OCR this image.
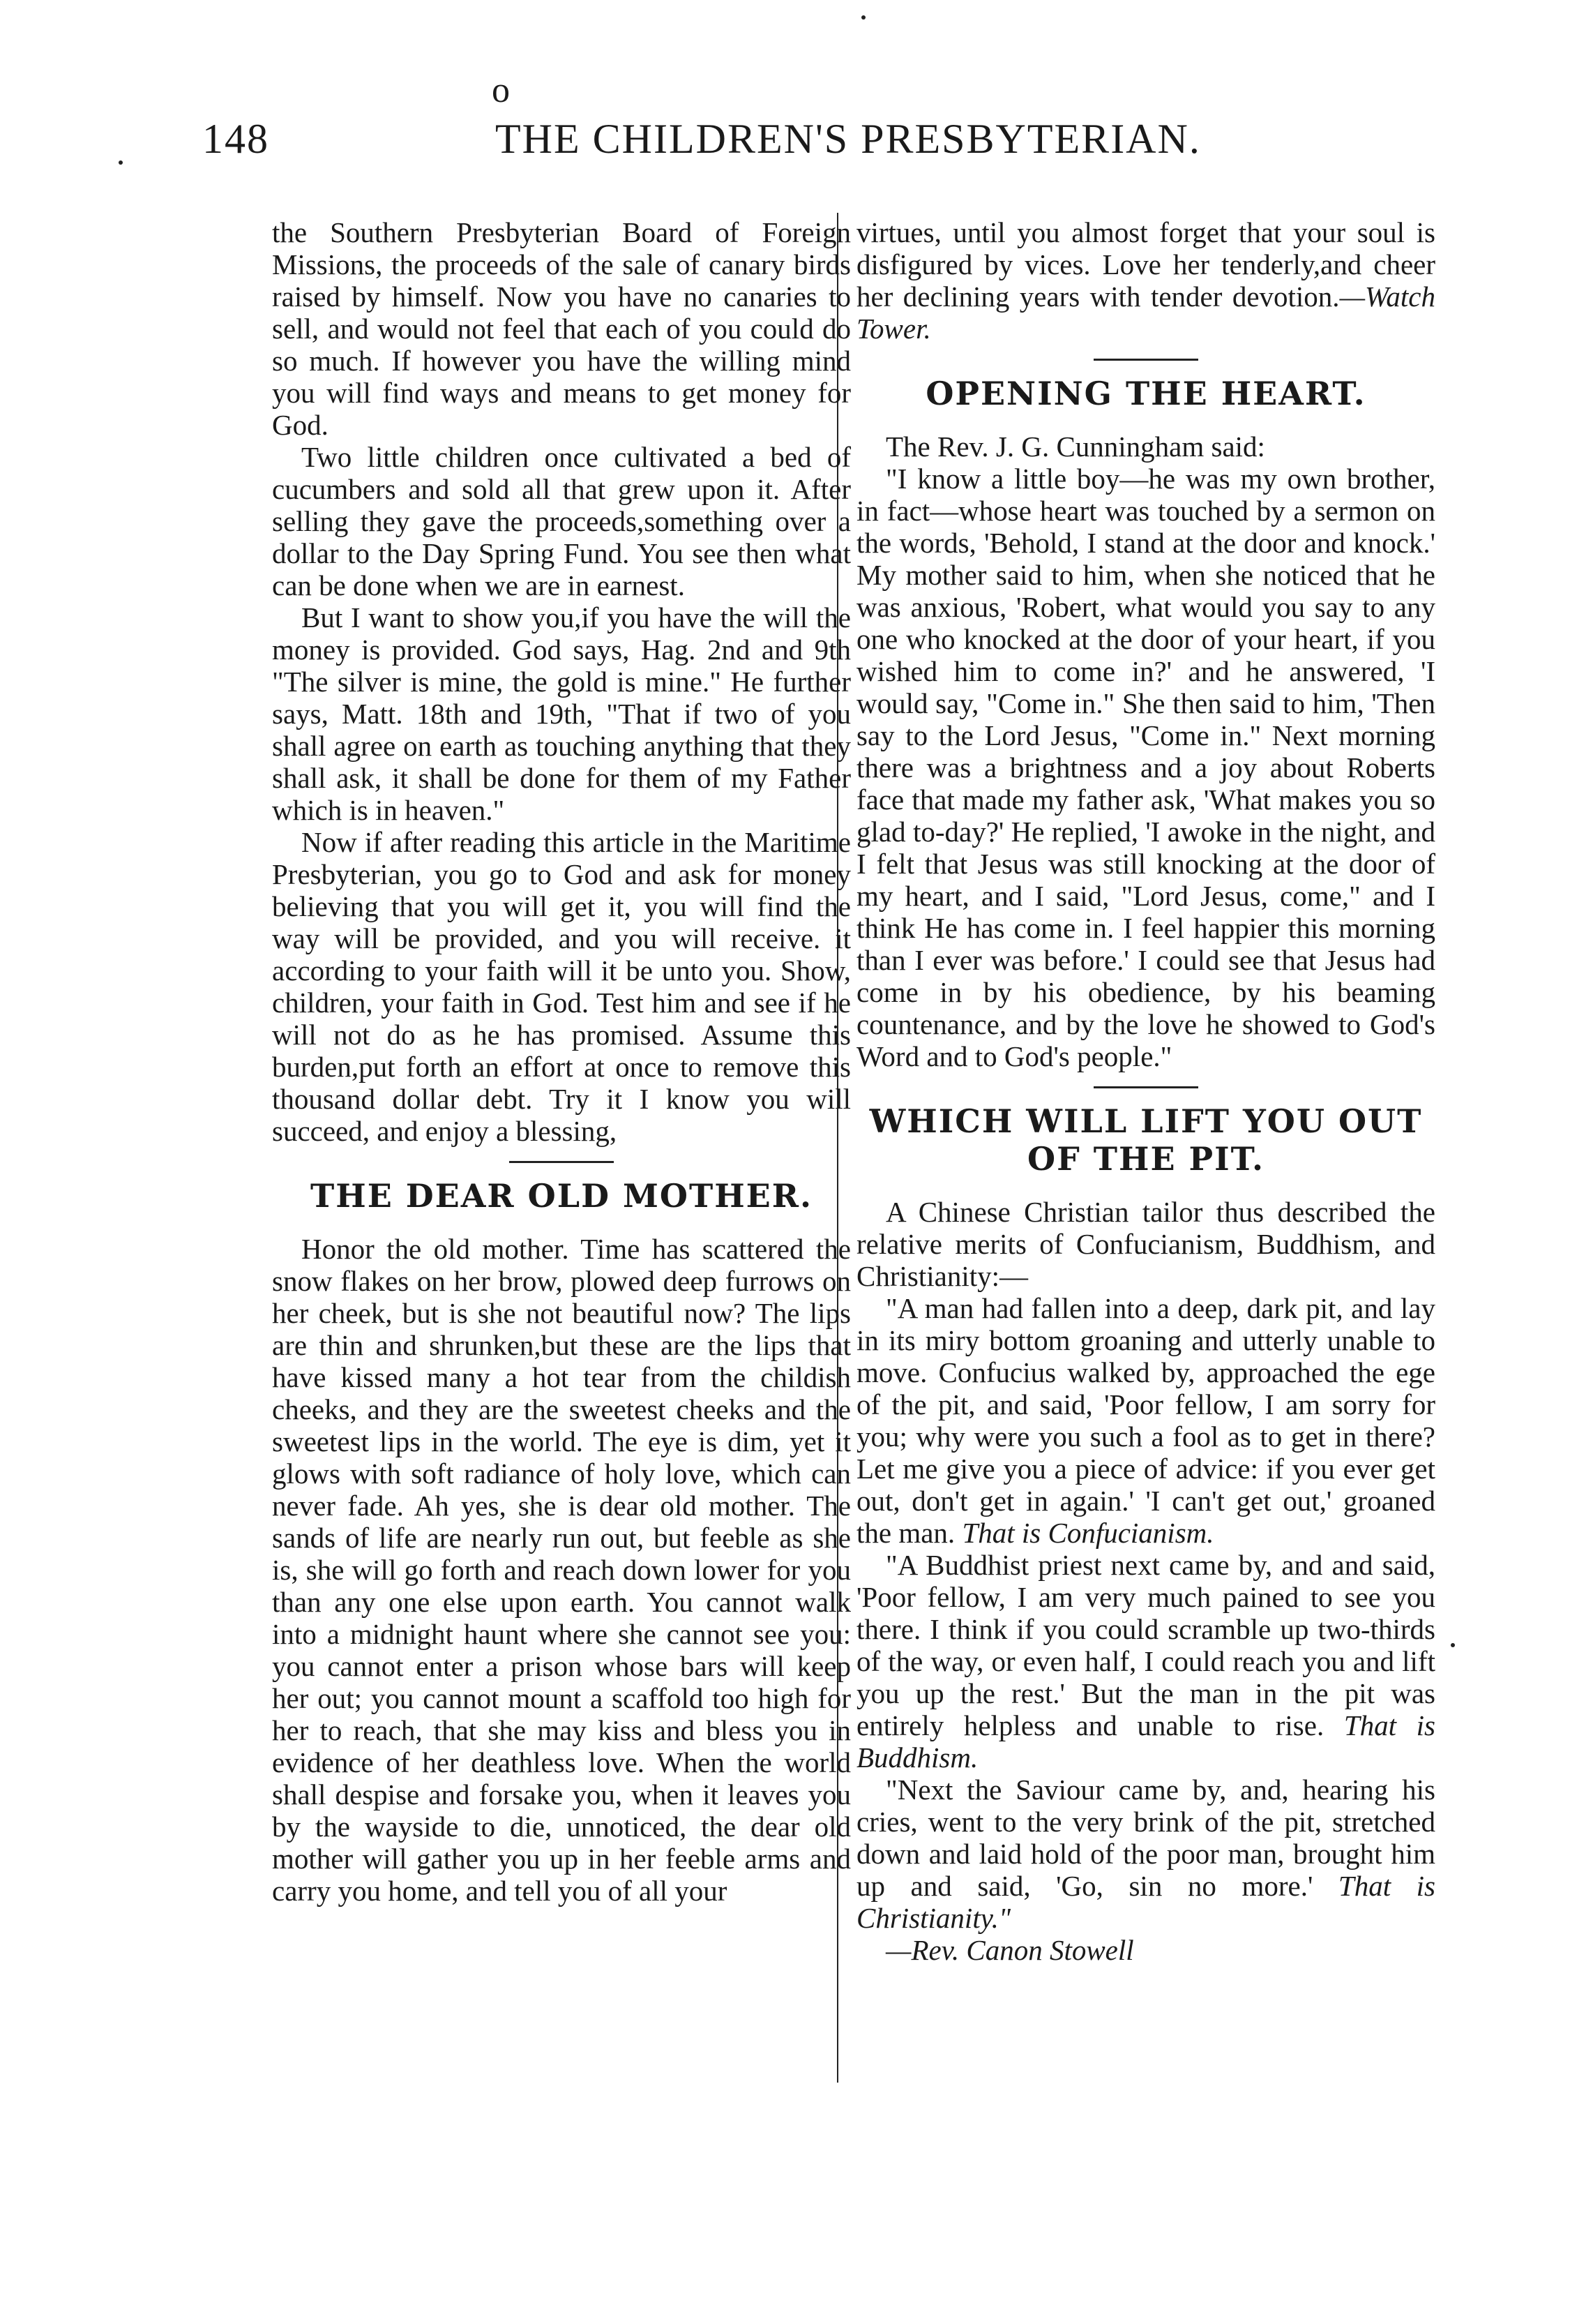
o
148	THE CHILDREN'S PRESBYTERIAN.

the Southern Presbyterian Board of Foreign Missions, the proceeds of the sale of canary birds raised by himself. Now you have no canaries to sell, and would not feel that each of you could do so much. If however you have the willing mind you will find ways and means to get money for God.

Two little children once cultivated a bed of cucumbers and sold all that grew upon it. After selling they gave the proceeds,something over a dollar to the Day Spring Fund. You see then what can be done when we are in earnest.

But I want to show you,if you have the will the money is provided. God says, Hag. 2nd and 9th "The silver is mine, the gold is mine." He further says, Matt. 18th and 19th, "That if two of you shall agree on earth as touching anything that they shall ask, it shall be done for them of my Father which is in heaven."

Now if after reading this article in the Maritime Presbyterian, you go to God and ask for money believing that you will get it, you will find the way will be provided, and you will receive. it according to your faith will it be unto you. Show, children, your faith in God. Test him and see if he will not do as he has promised. Assume this burden,put forth an effort at once to remove this thousand dollar debt. Try it I know you will succeed, and enjoy a blessing,

THE DEAR OLD MOTHER.

Honor the old mother. Time has scattered the snow flakes on her brow, plowed deep furrows on her cheek, but is she not beautiful now? The lips are thin and shrunken,but these are the lips that have kissed many a hot tear from the childish cheeks, and they are the sweetest cheeks and the sweetest lips in the world. The eye is dim, yet it glows with soft radiance of holy love, which can never fade. Ah yes, she is dear old mother. The sands of life are nearly run out, but feeble as she is, she will go forth and reach down lower for you than any one else upon earth. You cannot walk into a midnight haunt where she cannot see you: you cannot enter a prison whose bars will keep her out; you cannot mount a scaffold too high for her to reach, that she may kiss and bless you in evidence of her deathless love. When the world shall despise and forsake you, when it leaves you by the wayside to die, unnoticed, the dear old mother will gather you up in her feeble arms and carry you home, and tell you of all your

virtues, until you almost forget that your soul is disfigured by vices. Love her tenderly,and cheer her declining years with tender devotion.—Watch Tower.

OPENING THE HEART.

The Rev. J. G. Cunningham said:

"I know a little boy—he was my own brother, in fact—whose heart was touched by a sermon on the words, 'Behold, I stand at the door and knock.' My mother said to him, when she noticed that he was anxious, 'Robert, what would you say to any one who knocked at the door of your heart, if you wished him to come in?' and he answered, 'I would say, "Come in." She then said to him, 'Then say to the Lord Jesus, "Come in." Next morning there was a brightness and a joy about Roberts face that made my father ask, 'What makes you so glad to-day?' He replied, 'I awoke in the night, and I felt that Jesus was still knocking at the door of my heart, and I said, "Lord Jesus, come," and I think He has come in. I feel happier this morning than I ever was before.' I could see that Jesus had come in by his obedience, by his beaming countenance, and by the love he showed to God's Word and to God's people."

WHICH WILL LIFT YOU OUT OF THE PIT.

A Chinese Christian tailor thus described the relative merits of Confucianism, Buddhism, and Christianity:—

"A man had fallen into a deep, dark pit, and lay in its miry bottom groaning and utterly unable to move. Confucius walked by, approached the ege of the pit, and said, 'Poor fellow, I am sorry for you; why were you such a fool as to get in there? Let me give you a piece of advice: if you ever get out, don't get in again.' 'I can't get out,' groaned the man. That is Confucianism.

"A Buddhist priest next came by, and and said, 'Poor fellow, I am very much pained to see you there. I think if you could scramble up two-thirds of the way, or even half, I could reach you and lift you up the rest.' But the man in the pit was entirely helpless and unable to rise. That is Buddhism.

"Next the Saviour came by, and, hearing his cries, went to the very brink of the pit, stretched down and laid hold of the poor man, brought him up and said, 'Go, sin no more.' That is Christianity."

—Rev. Canon Stowell
